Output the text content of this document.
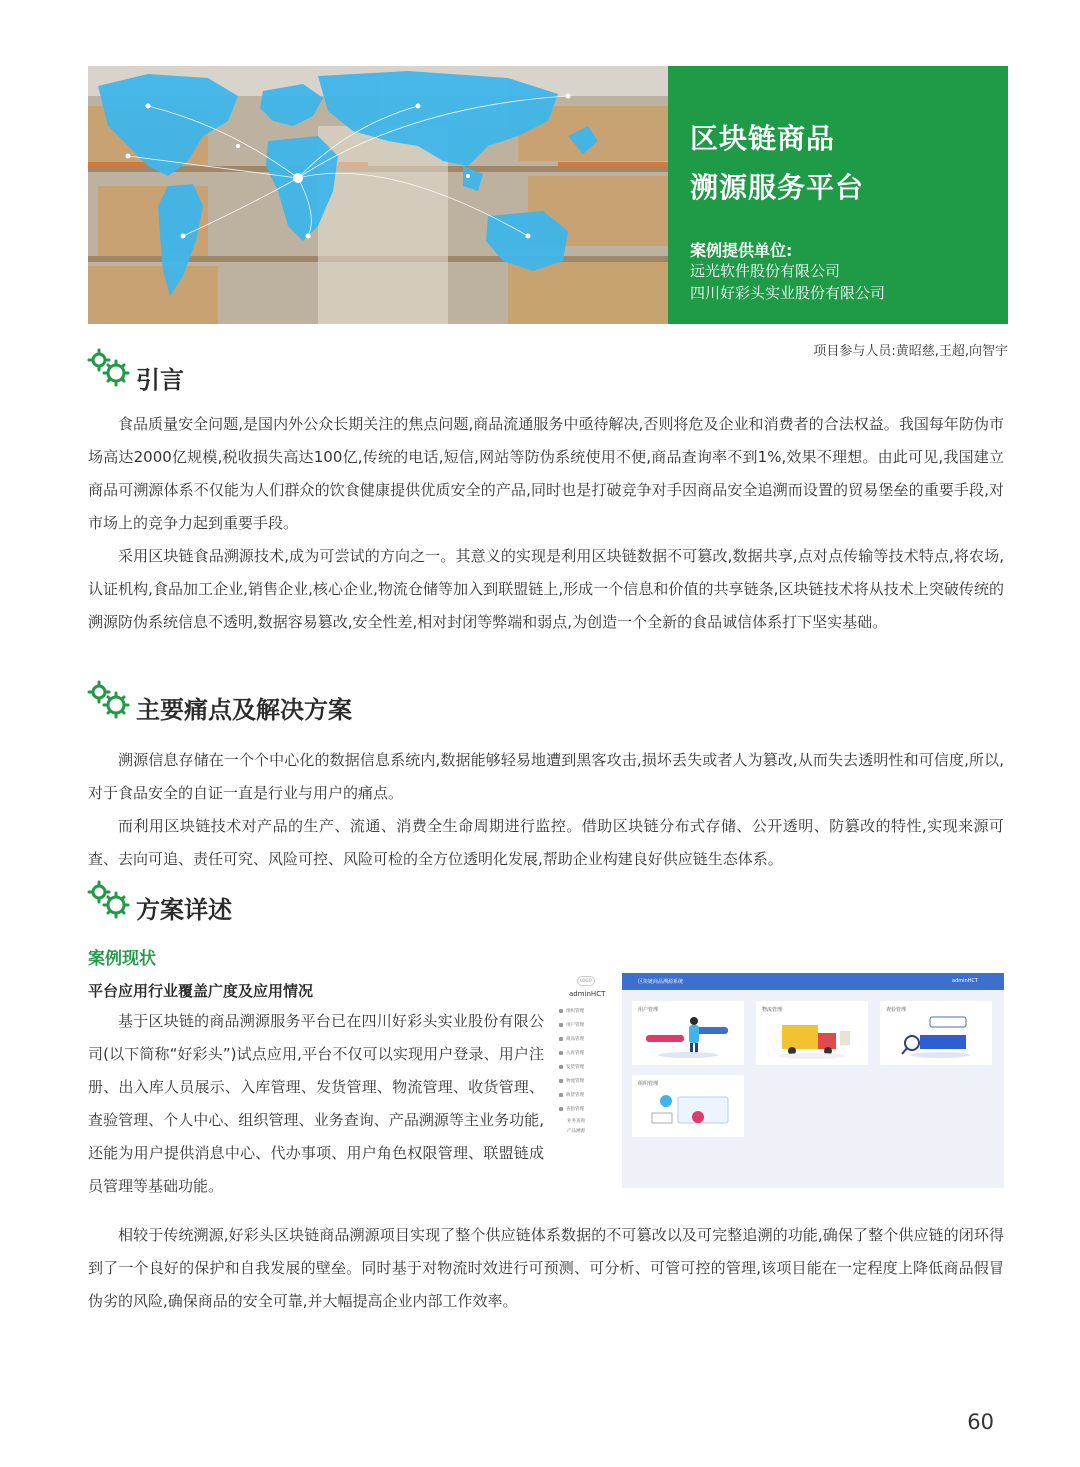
区块链商品
溯源服务平台
案例提供单位:
远光软件股份有限公司
四川好彩头实业股份有限公司
项目参与人员:黄昭慈,王超,向智宇
引言
食品质量安全问题,是国内外公众长期关注的焦点问题,商品流通服务中亟待解决,否则将危及企业和消费者的合法权益。我国每年防伪市场高达2000亿规模,税收损失高达100亿,传统的电话,短信,网站等防伪系统使用不便,商品查询率不到1%,效果不理想。由此可见,我国建立商品可溯源体系不仅能为人们群众的饮食健康提供优质安全的产品,同时也是打破竞争对手因商品安全追溯而设置的贸易堡垒的重要手段,对市场上的竞争力起到重要手段。
采用区块链食品溯源技术,成为可尝试的方向之一。其意义的实现是利用区块链数据不可篡改,数据共享,点对点传输等技术特点,将农场,认证机构,食品加工企业,销售企业,核心企业,物流仓储等加入到联盟链上,形成一个信息和价值的共享链条,区块链技术将从技术上突破传统的溯源防伪系统信息不透明,数据容易篡改,安全性差,相对封闭等弊端和弱点,为创造一个全新的食品诚信体系打下坚实基础。
主要痛点及解决方案
溯源信息存储在一个个中心化的数据信息系统内,数据能够轻易地遭到黑客攻击,损坏丢失或者人为篡改,从而失去透明性和可信度,所以,对于食品安全的自证一直是行业与用户的痛点。
而利用区块链技术对产品的生产、流通、消费全生命周期进行监控。借助区块链分布式存储、公开透明、防篡改的特性,实现来源可查、去向可追、责任可究、风险可控、风险可检的全方位透明化发展,帮助企业构建良好供应链生态体系。
方案详述
案例现状
平台应用行业覆盖广度及应用情况
基于区块链的商品溯源服务平台已在四川好彩头实业股份有限公司(以下简称“好彩头”)试点应用,平台不仅可以实现用户登录、用户注册、出入库人员展示、入库管理、发货管理、物流管理、收货管理、查验管理、个人中心、组织管理、业务查询、产品溯源等主业务功能,还能为用户提供消息中心、代办事项、用户角色权限管理、联盟链成员管理等基础功能。
LOGO
adminHCT
组织管理
用户管理
商品管理
入库管理
发货管理
物流管理
收货管理
查验管理
业务查询
产品溯源
区块链商品溯源系统	adminHCT
用户管理	物流管理	查验管理
组织管理
相较于传统溯源,好彩头区块链商品溯源项目实现了整个供应链体系数据的不可篡改以及可完整追溯的功能,确保了整个供应链的闭环得到了一个良好的保护和自我发展的壁垒。同时基于对物流时效进行可预测、可分析、可管可控的管理,该项目能在一定程度上降低商品假冒伪劣的风险,确保商品的安全可靠,并大幅提高企业内部工作效率。
60
